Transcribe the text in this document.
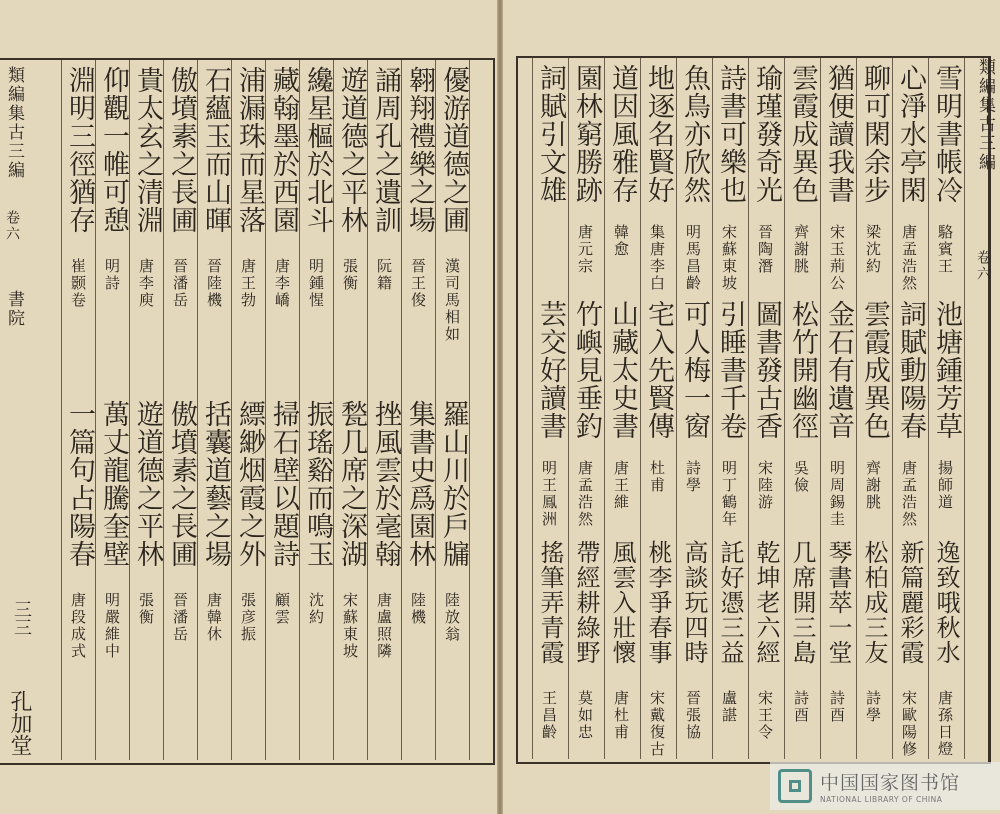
優游道德之圃
漢司馬相如
翱翔禮樂之場
晉王俊
誦周孔之遺訓
阮籍
遊道德之平林
張衡
纔星樞於北斗
明鍾惺
藏翰墨於西園
唐李嶠
浦漏珠而星落
唐王勃
石蘊玉而山暉
晉陸機
傲墳素之長圃
晉潘岳
貴太玄之清淵
唐李庾
仰觀一帷可憩
明詩
淵明三徑猶存
崔颢卷
羅山川於戶牖
陸放翁
集書史爲園林
陸機
挫風雲於毫翰
唐盧照隣
甃几席之深湖
宋蘇東坡
振瑤谿而鳴玉
沈約
掃石壁以題詩
顧雲
縹緲烟霞之外
張彦振
括囊道藝之場
唐韓休
傲墳素之長圃
晉潘岳
遊道德之平林
張衡
萬丈龍騰奎壁
明嚴維中
一篇句占陽春
唐段成式
類編集古三編
卷六
書院
三三
孔加堂
雪明書帳冷
駱賓王
心淨水亭閑
唐孟浩然
聊可閑余步
梁沈約
猶便讀我書
宋玉荊公
雲霞成異色
齊謝朓
瑜瑾發奇光
晉陶潛
詩書可樂也
宋蘇東坡
魚鳥亦欣然
明馬昌齡
地逐名賢好
集唐李白
道因風雅存
韓愈
園林窮勝跡
唐元宗
詞賦引文雄
池塘鍾芳草
揚師道
詞賦動陽春
唐孟浩然
雲霞成異色
齊謝朓
金石有遺音
明周錫圭
松竹開幽徑
吳儉
圖書發古香
宋陸游
引睡書千卷
明丁鶴年
可人梅一窗
詩學
宅入先賢傳
杜甫
山藏太史書
唐王維
竹嶼見垂釣
唐孟浩然
芸交好讀書
明王鳳洲
逸致哦秋水
唐孫日燈
新篇麗彩霞
宋歐陽修
松柏成三友
詩學
琴書萃一堂
詩酉
几席開三島
詩酉
乾坤老六經
宋王令
託好憑三益
盧諶
高談玩四時
晉張協
桃李爭春事
宋戴復古
風雲入壯懷
唐杜甫
帶經耕綠野
莫如忠
搖筆弄青霞
王昌齡
類編集古三編
卷六
中国国家图书馆
NATIONAL LIBRARY OF CHINA
